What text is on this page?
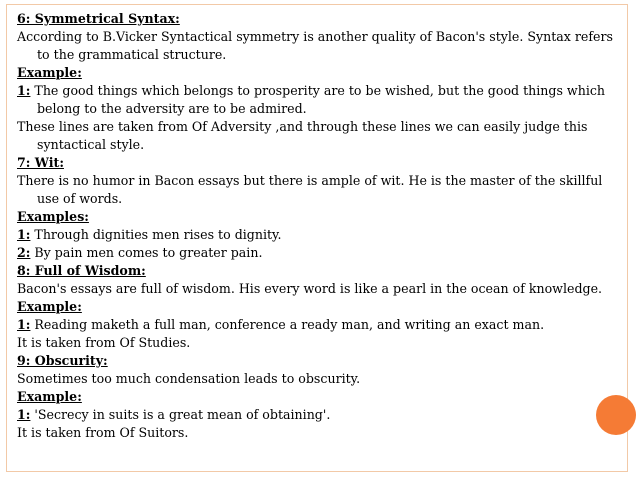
6: Symmetrical Syntax:
According to B.Vicker Syntactical symmetry is another quality of Bacon's style. Syntax refers to the grammatical structure.
Example:
1: The good things which belongs to prosperity are to be wished, but the good things which belong to the adversity are to be admired.
These lines are taken from Of Adversity ,and through these lines we can easily judge this syntactical style.
7: Wit:
There is no humor in Bacon essays but there is ample of wit. He is the master of the skillful use of words.
Examples:
1: Through dignities men rises to dignity.
2: By pain men comes to greater pain.
8: Full of Wisdom:
Bacon's essays are full of wisdom. His every word is like a pearl in the ocean of knowledge.
Example:
1: Reading maketh a full man, conference a ready man, and writing an exact man.
It is taken from Of Studies.
9: Obscurity:
Sometimes too much condensation leads to obscurity.
Example:
1: 'Secrecy in suits is a great mean of obtaining'.
It is taken from Of Suitors.
